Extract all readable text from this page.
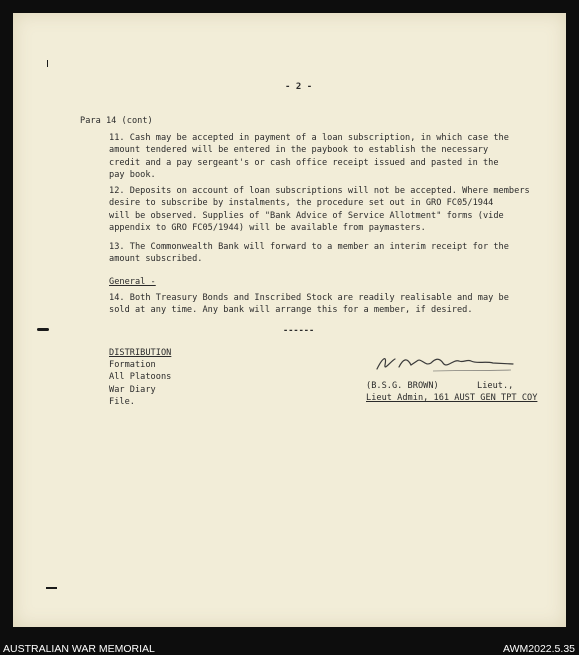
- 2 -
Para 14 (cont)
11. Cash may be accepted in payment of a loan subscription, in which case the
amount tendered will be entered in the paybook to establish the necessary
credit and a pay sergeant's or cash office receipt issued and pasted in the
pay book.
12. Deposits on account of loan subscriptions will not be accepted. Where members
desire to subscribe by instalments, the procedure set out in GRO FC05/1944
will be observed. Supplies of "Bank Advice of Service Allotment" forms (vide
appendix to GRO FC05/1944) will be available from paymasters.
13. The Commonwealth Bank will forward to a member an interim receipt for the
amount subscribed.
General -
14. Both Treasury Bonds and Inscribed Stock are readily realisable and may be
sold at any time. Any bank will arrange this for a member, if desired.
------
DISTRIBUTION
Formation
All Platoons
War Diary
File.
(B.S.G. BROWN)	Lieut.,
Lieut Admin, 161 AUST GEN TPT COY
AUSTRALIAN WAR MEMORIAL	AWM2022.5.35
